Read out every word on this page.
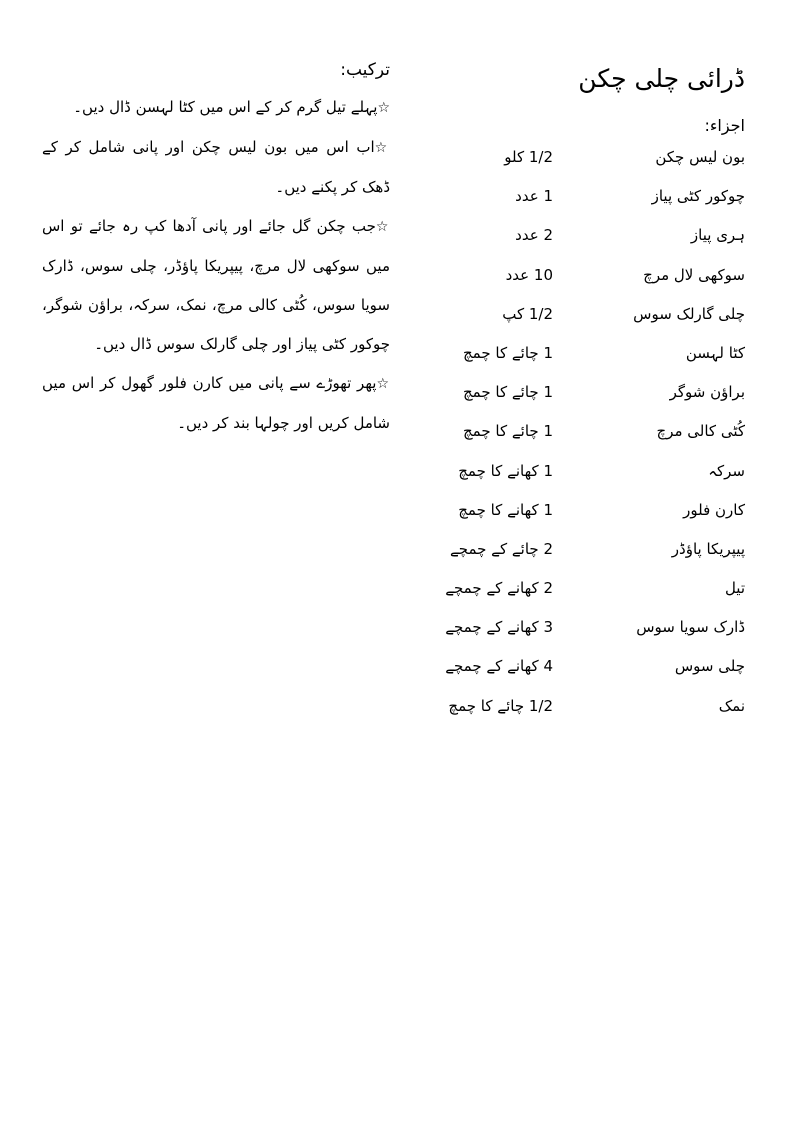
ڈرائی چلی چکن
اجزاء:
بون لیس چکن
1/2 کلو
چوکور کٹی پیاز
1 عدد
ہری پیاز
2 عدد
سوکھی لال مرچ
10 عدد
چلی گارلک سوس
1/2 کپ
کٹا لہسن
1 چائے کا چمچ
براؤن شوگر
1 چائے کا چمچ
کُٹی کالی مرچ
1 چائے کا چمچ
سرکہ
1 کھانے کا چمچ
کارن فلور
1 کھانے کا چمچ
پیپریکا پاؤڈر
2 چائے کے چمچے
تیل
2 کھانے کے چمچے
ڈارک سویا سوس
3 کھانے کے چمچے
چلی سوس
4 کھانے کے چمچے
نمک
1/2 چائے کا چمچ
ترکیب:

☆پہلے تیل گرم کر کے اس میں کٹا لہسن ڈال دیں۔

☆اب اس میں بون لیس چکن اور پانی شامل کر کے ڈھک کر پکنے دیں۔

☆جب چکن گل جائے اور پانی آدھا کپ رہ جائے تو اس میں سوکھی لال مرچ، پیپریکا پاؤڈر، چلی سوس، ڈارک سویا سوس، کُٹی کالی مرچ، نمک، سرکہ، براؤن شوگر، چوکور کٹی پیاز اور چلی گارلک سوس ڈال دیں۔

☆پھر تھوڑے سے پانی میں کارن فلور گھول کر اس میں شامل کریں اور چولہا بند کر دیں۔
